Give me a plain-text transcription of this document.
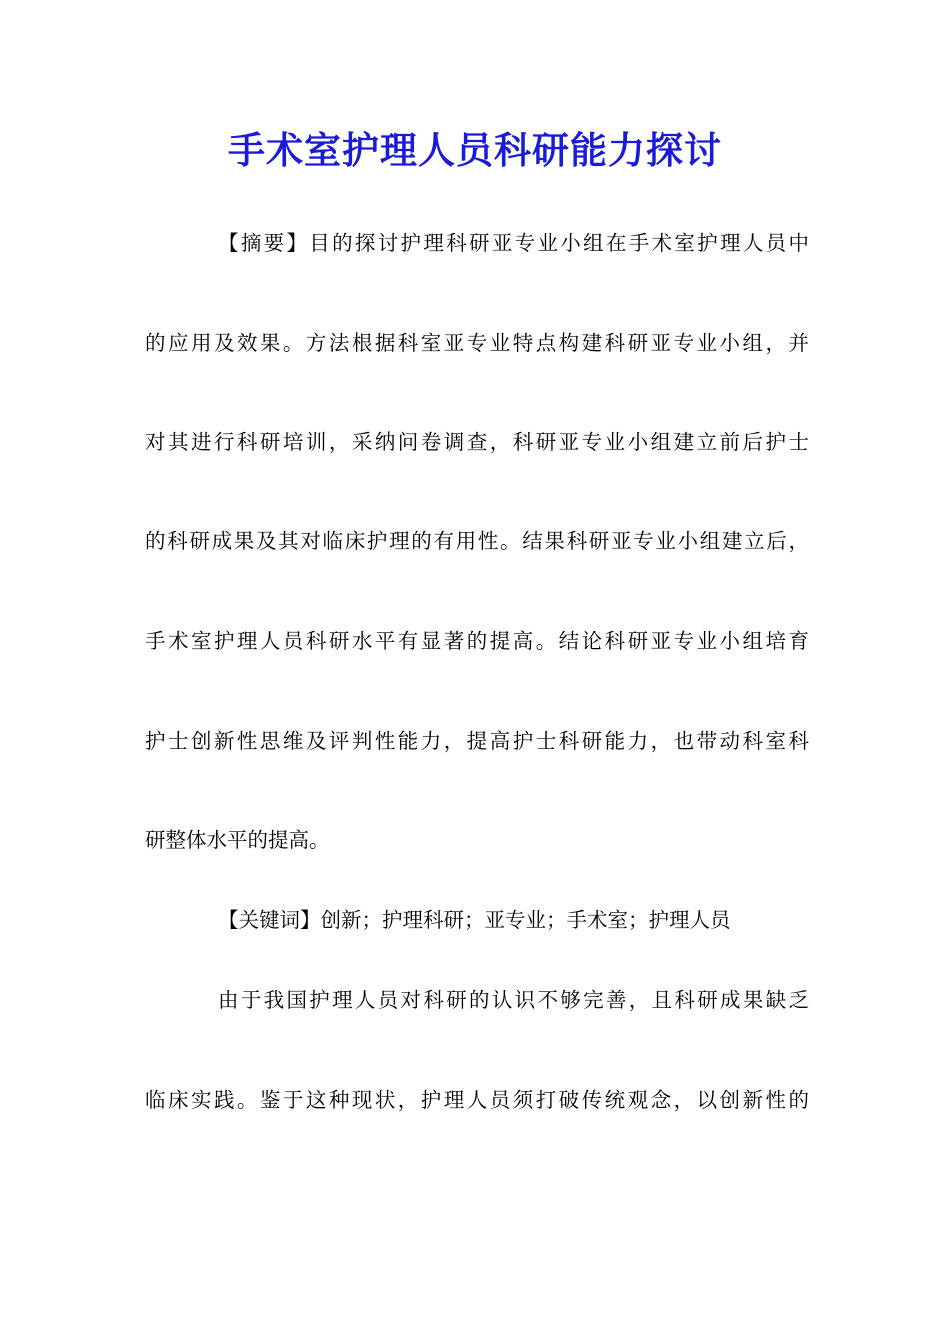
手术室护理人员科研能力探讨
【摘要】目的探讨护理科研亚专业小组在手术室护理人员中
的应用及效果。方法根据科室亚专业特点构建科研亚专业小组，并
对其进行科研培训，采纳问卷调查，科研亚专业小组建立前后护士
的科研成果及其对临床护理的有用性。结果科研亚专业小组建立后，
手术室护理人员科研水平有显著的提高。结论科研亚专业小组培育
护士创新性思维及评判性能力，提高护士科研能力，也带动科室科
研整体水平的提高。
【关键词】创新；护理科研；亚专业；手术室；护理人员
由于我国护理人员对科研的认识不够完善，且科研成果缺乏
临床实践。鉴于这种现状，护理人员须打破传统观念，以创新性的
